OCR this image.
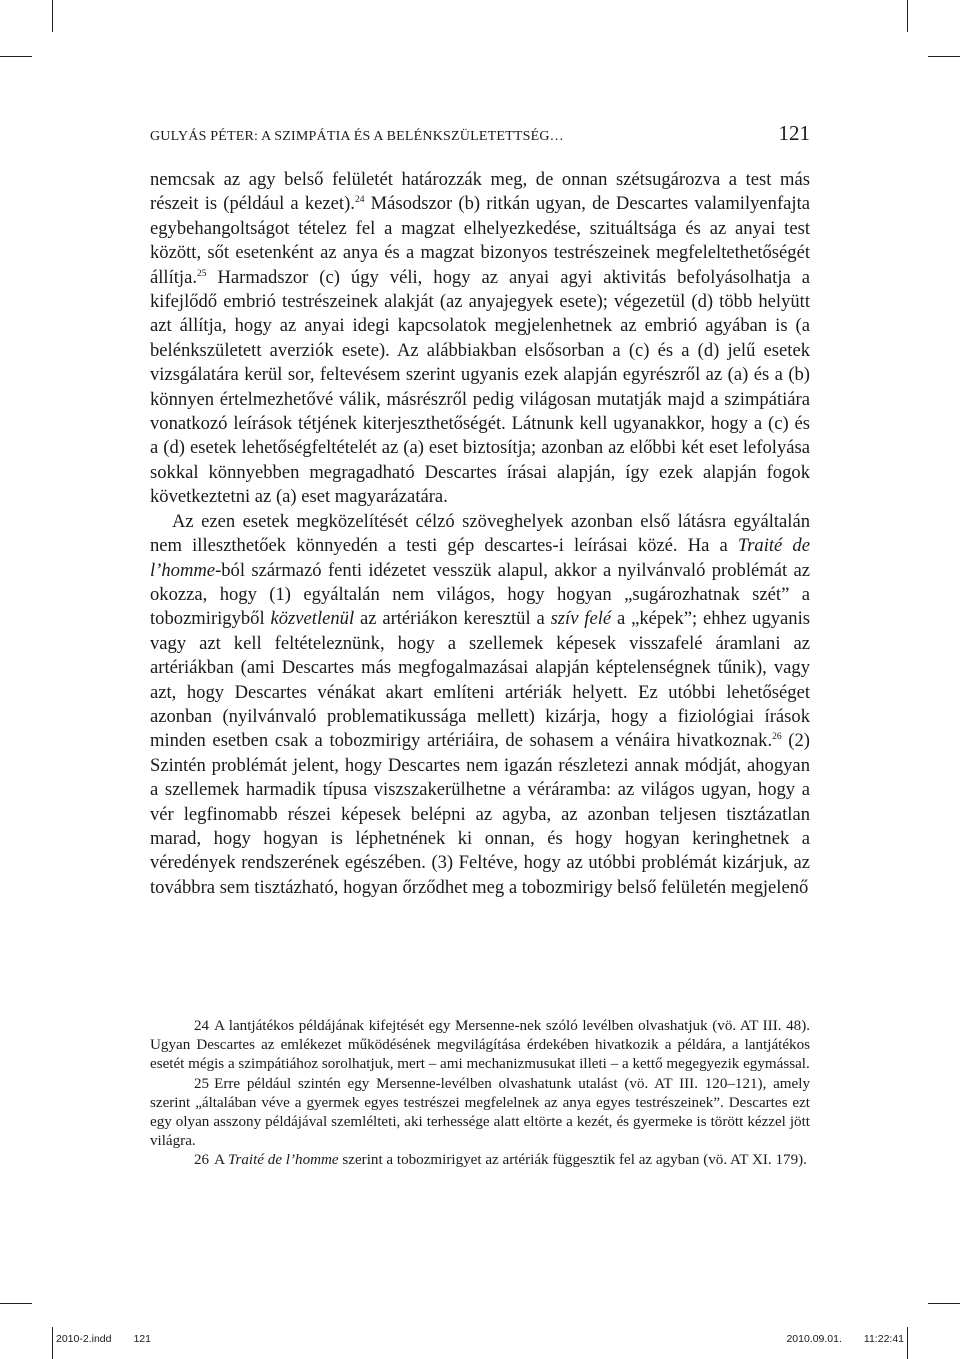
GULYÁS PÉTER: A SZIMPÁTIA ÉS A BELÉNKSZÜLETETTSÉG…	121

nemcsak az agy belső felületét határozzák meg, de onnan szétsugározva a test más részeit is (például a kezet).$^{24}$ Másodszor (b) ritkán ugyan, de Descartes valamilyenfajta egybehangoltságot tételez fel a magzat elhelyezkedése, szituáltsága és az anyai test között, sőt esetenként az anya és a magzat bizonyos testrészeinek megfeleltethetőségét állítja.$^{25}$ Harmadszor (c) úgy véli, hogy az anyai agyi aktivitás befolyásolhatja a kifejlődő embrió testrészeinek alakját (az anyajegyek esete); végezetül (d) több helyütt azt állítja, hogy az anyai idegi kapcsolatok megjelenhetnek az embrió agyában is (a belénkszületett averziók esete). Az alábbiakban elsősorban a (c) és a (d) jelű esetek vizsgálatára kerül sor, feltevésem szerint ugyanis ezek alapján egyrészről az (a) és a (b) könnyen értelmezhetővé válik, másrészről pedig világosan mutatják majd a szimpátiára vonatkozó leírások tétjének kiterjeszthetőségét. Látnunk kell ugyanakkor, hogy a (c) és a (d) esetek lehetőségfeltételét az (a) eset biztosítja; azonban az előbbi két eset lefolyása sokkal könnyebben megragadható Descartes írásai alapján, így ezek alapján fogok következtetni az (a) eset magyarázatára.

Az ezen esetek megközelítését célzó szöveghelyek azonban első látásra egyáltalán nem illeszthetőek könnyedén a testi gép descartes-i leírásai közé. Ha a Traité de l’homme-ból származó fenti idézetet vesszük alapul, akkor a nyilvánvaló problémát az okozza, hogy (1) egyáltalán nem világos, hogy hogyan „sugározhatnak szét” a tobozmirigyből közvetlenül az artériákon keresztül a szív felé a „képek”; ehhez ugyanis vagy azt kell feltételeznünk, hogy a szellemek képesek visszafelé áramlani az artériákban (ami Descartes más megfogalmazásai alapján képtelenségnek tűnik), vagy azt, hogy Descartes vénákat akart említeni artériák helyett. Ez utóbbi lehetőséget azonban (nyilvánvaló problematikussága mellett) kizárja, hogy a fiziológiai írások minden esetben csak a tobozmirigy artériáira, de sohasem a vénáira hivatkoznak.$^{26}$ (2) Szintén problémát jelent, hogy Descartes nem igazán részletezi annak módját, ahogyan a szellemek harmadik típusa viszszakerülhetne a véráramba: az világos ugyan, hogy a vér legfinomabb részei képesek belépni az agyba, az azonban teljesen tisztázatlan marad, hogy hogyan is léphetnének ki onnan, és hogy hogyan keringhetnek a véredények rendszerének egészében. (3) Feltéve, hogy az utóbbi problémát kizárjuk, az továbbra sem tisztázható, hogyan őrződhet meg a tobozmirigy belső felületén megjelenő

24 A lantjátékos példájának kifejtését egy Mersenne-nek szóló levélben olvashatjuk (vö. AT III. 48). Ugyan Descartes az emlékezet működésének megvilágítása érdekében hivatkozik a példára, a lantjátékos esetét mégis a szimpátiához sorolhatjuk, mert – ami mechanizmusukat illeti – a kettő megegyezik egymással.

25 Erre például szintén egy Mersenne-levélben olvashatunk utalást (vö. AT III. 120–121), amely szerint „általában véve a gyermek egyes testrészei megfelelnek az anya egyes testrészeinek”. Descartes ezt egy olyan asszony példájával szemlélteti, aki terhessége alatt eltörte a kezét, és gyermeke is törött kézzel jött világra.

26 A Traité de l’homme szerint a tobozmirigyet az artériák függesztik fel az agyban (vö. AT XI. 179).

2010-2.indd 121	2010.09.01. 11:22:41
